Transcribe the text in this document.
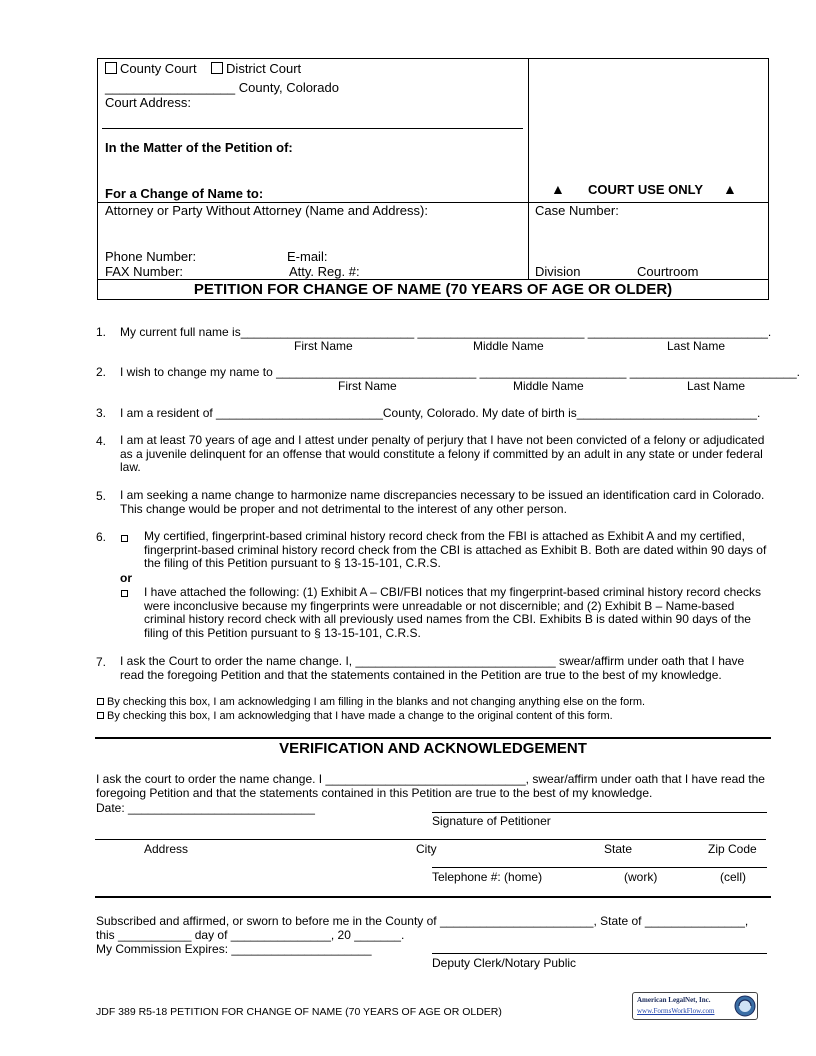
County Court District Court
__________________ County, Colorado
Court Address:
In the Matter of the Petition of:
For a Change of Name to:	▲ COURT USE ONLY ▲
Attorney or Party Without Attorney (Name and Address):
Phone Number:	E-mail:
FAX Number:	Atty. Reg. #:
Case Number:
Division	Courtroom
PETITION FOR CHANGE OF NAME (70 YEARS OF AGE OR OLDER)
1. My current full name is__________________________ _________________________ ___________________________.
First Name	Middle Name	Last Name
2. I wish to change my name to ______________________________ ______________________ _________________________.
First Name	Middle Name	Last Name
3. I am a resident of _________________________County, Colorado. My date of birth is___________________________.
4. I am at least 70 years of age and I attest under penalty of perjury that I have not been convicted of a felony or adjudicated as a juvenile delinquent for an offense that would constitute a felony if committed by an adult in any state or under federal law.
5. I am seeking a name change to harmonize name discrepancies necessary to be issued an identification card in Colorado. This change would be proper and not detrimental to the interest of any other person.
6.	My certified, fingerprint-based criminal history record check from the FBI is attached as Exhibit A and my certified, fingerprint-based criminal history record check from the CBI is attached as Exhibit B. Both are dated within 90 days of the filing of this Petition pursuant to § 13-15-101, C.R.S.
or
I have attached the following: (1) Exhibit A – CBI/FBI notices that my fingerprint-based criminal history record checks were inconclusive because my fingerprints were unreadable or not discernible; and (2) Exhibit B – Name-based criminal history record check with all previously used names from the CBI. Exhibits B is dated within 90 days of the filing of this Petition pursuant to § 13-15-101, C.R.S.
7. I ask the Court to order the name change. I, ______________________________ swear/affirm under oath that I have read the foregoing Petition and that the statements contained in the Petition are true to the best of my knowledge.
By checking this box, I am acknowledging I am filling in the blanks and not changing anything else on the form.
By checking this box, I am acknowledging that I have made a change to the original content of this form.
VERIFICATION AND ACKNOWLEDGEMENT
I ask the court to order the name change. I ______________________________, swear/affirm under oath that I have read the foregoing Petition and that the statements contained in this Petition are true to the best of my knowledge.
Date: ____________________________
Signature of Petitioner
Address	City	State	Zip Code
Telephone #: (home)	(work)	(cell)
Subscribed and affirmed, or sworn to before me in the County of _______________________, State of _______________,
this ___________ day of _______________, 20 _______.
My Commission Expires: _____________________
Deputy Clerk/Notary Public
JDF 389 R5-18 PETITION FOR CHANGE OF NAME (70 YEARS OF AGE OR OLDER)
American LegalNet, Inc.
www.FormsWorkFlow.com
